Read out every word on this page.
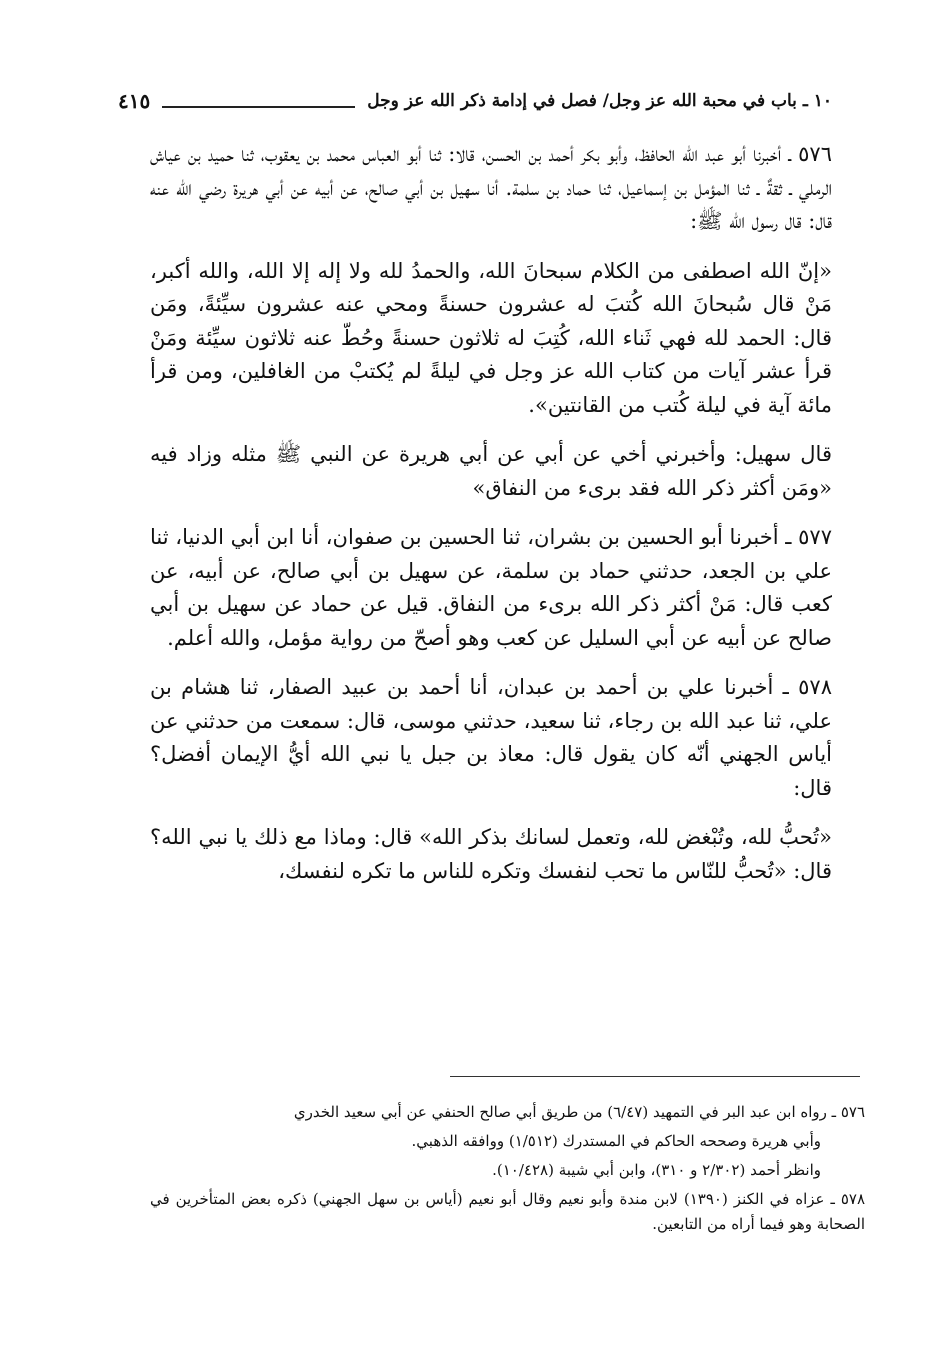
١٠ ـ باب في محبة الله عز وجل/ فصل في إدامة ذكر الله عز وجل
٤١٥

٥٧٦ ـ أخبرنا أبو عبد الله الحافظ، وأبو بكر أحمد بن الحسن، قالا: ثنا أبو العباس محمد بن يعقوب، ثنا حميد بن عياش الرملي ـ ثقةٌ ـ ثنا المؤمل بن إسماعيل، ثنا حماد بن سلمة. أنا سهيل بن أبي صالح، عن أبيه عن أبي هريرة رضي الله عنه قال: قال رسول الله ﷺ:

«إنّ الله اصطفى من الكلام سبحانَ الله، والحمدُ لله ولا إله إلا الله، والله أكبر، مَنْ قال سُبحانَ الله كُتبَ له عشرون حسنةً ومحي عنه عشرون سيِّئةً، ومَن قال: الحمد لله فهي ثَناء الله، كُتِبَ له ثلاثون حسنةً وحُطّ عنه ثلاثون سيِّئة ومَنْ قرأ عشر آيات من كتاب الله عز وجل في ليلةً لم يُكتبْ من الغافلين، ومن قرأ مائة آية في ليلة كُتب من القانتين».

قال سهيل: وأخبرني أخي عن أبي عن أبي هريرة عن النبي ﷺ مثله وزاد فيه «ومَن أكثر ذكر الله فقد برىء من النفاق»

٥٧٧ ـ أخبرنا أبو الحسين بن بشران، ثنا الحسين بن صفوان، أنا ابن أبي الدنيا، ثنا علي بن الجعد، حدثني حماد بن سلمة، عن سهيل بن أبي صالح، عن أبيه، عن كعب قال: مَنْ أكثر ذكر الله برىء من النفاق. قيل عن حماد عن سهيل بن أبي صالح عن أبيه عن أبي السليل عن كعب وهو أصحّ من رواية مؤمل، والله أعلم.

٥٧٨ ـ أخبرنا علي بن أحمد بن عبدان، أنا أحمد بن عبيد الصفار، ثنا هشام بن علي، ثنا عبد الله بن رجاء، ثنا سعيد، حدثني موسى، قال: سمعت من حدثني عن أياس الجهني أنّه كان يقول قال: معاذ بن جبل يا نبي الله أيُّ الإيمان أفضل؟ قال:

«تُحبُّ لله، وتُبْغض لله، وتعمل لسانك بذكر الله» قال: وماذا مع ذلك يا نبي الله؟ قال: «تُحبُّ للنّاس ما تحب لنفسك وتكره للناس ما تكره لنفسك،

٥٧٦ ـ رواه ابن عبد البر في التمهيد (٦/٤٧) من طريق أبي صالح الحنفي عن أبي سعيد الخدري

وأبي هريرة وصححه الحاكم في المستدرك (١/٥١٢) ووافقه الذهبي.

وانظر أحمد (٢/٣٠٢ و ٣١٠)، وابن أبي شيبة (١٠/٤٢٨).

٥٧٨ ـ عزاه في الكنز (١٣٩٠) لابن مندة وأبو نعيم وقال أبو نعيم (أياس بن سهل الجهني) ذكره بعض المتأخرين في الصحابة وهو فيما أراه من التابعين.
